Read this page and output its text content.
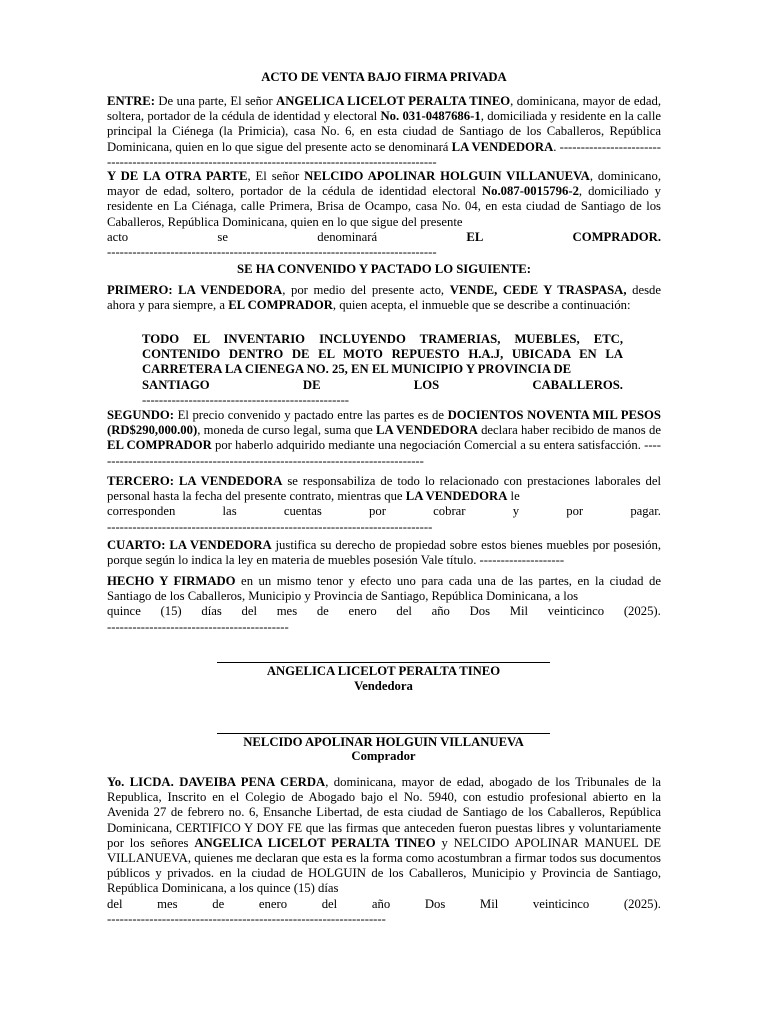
ACTO DE VENTA BAJO FIRMA PRIVADA

ENTRE: De una parte, El señor ANGELICA LICELOT PERALTA TINEO, dominicana, mayor de edad, soltera, portador de la cédula de identidad y electoral No. 031-0487686-1, domiciliada y residente en la calle principal la Ciénega (la Primicia), casa No. 6, en esta ciudad de Santiago de los Caballeros, República Dominicana, quien en lo que sigue del presente acto se denominará LA VENDEDORA. ------------------------------------------------------------------------------------------------------
Y DE LA OTRA PARTE, El señor NELCIDO APOLINAR HOLGUIN VILLANUEVA, dominicano, mayor de edad, soltero, portador de la cédula de identidad electoral No.087-0015796-2, domiciliado y residente en La Ciénaga, calle Primera, Brisa de Ocampo, casa No. 04, en esta ciudad de Santiago de los Caballeros, República Dominicana, quien en lo que sigue del presente
acto	se	denominará	EL	COMPRADOR.
------------------------------------------------------------------------------

SE HA CONVENIDO Y PACTADO LO SIGUIENTE:

PRIMERO: LA VENDEDORA, por medio del presente acto, VENDE, CEDE Y TRASPASA, desde ahora y para siempre, a EL COMPRADOR, quien acepta, el inmueble que se describe a continuación:
TODO EL INVENTARIO INCLUYENDO TRAMERIAS, MUEBLES, ETC, CONTENIDO DENTRO DE EL MOTO REPUESTO H.A.J, UBICADA EN LA CARRETERA LA CIENEGA NO. 25, EN EL MUNICIPIO Y PROVINCIA DE
SANTIAGO	DE	LOS	CABALLEROS.
-------------------------------------------------
SEGUNDO: El precio convenido y pactado entre las partes es de DOCIENTOS NOVENTA MIL PESOS (RD$290,000.00), moneda de curso legal, suma que LA VENDEDORA declara haber recibido de manos de EL COMPRADOR por haberlo adquirido mediante una negociación Comercial a su entera satisfacción. -------------------------------------------------------------------------------
TERCERO: LA VENDEDORA se responsabiliza de todo lo relacionado con prestaciones laborales del personal hasta la fecha del presente contrato, mientras que LA VENDEDORA le
corresponden	las	cuentas	por	cobrar	y	por	pagar.
-----------------------------------------------------------------------------
CUARTO: LA VENDEDORA justifica su derecho de propiedad sobre estos bienes muebles por posesión, porque según lo indica la ley en materia de muebles posesión Vale título. --------------------
HECHO Y FIRMADO en un mismo tenor y efecto uno para cada una de las partes, en la ciudad de Santiago de los Caballeros, Municipio y Provincia de Santiago, República Dominicana, a los
quince (15) días del mes de enero del año Dos Mil veinticinco (2025).
-------------------------------------------

ANGELICA LICELOT PERALTA TINEO

Vendedora

NELCIDO APOLINAR HOLGUIN VILLANUEVA

Comprador

Yo. LICDA. DAVEIBA PENA CERDA, dominicana, mayor de edad, abogado de los Tribunales de la Republica, Inscrito en el Colegio de Abogado bajo el No. 5940, con estudio profesional abierto en la Avenida 27 de febrero no. 6, Ensanche Libertad, de esta ciudad de Santiago de los Caballeros, República Dominicana, CERTIFICO Y DOY FE que las firmas que anteceden fueron puestas libres y voluntariamente por los señores ANGELICA LICELOT PERALTA TINEO y NELCIDO APOLINAR MANUEL DE VILLANUEVA, quienes me declaran que esta es la forma como acostumbran a firmar todos sus documentos públicos y privados. en la ciudad de HOLGUIN de los Caballeros, Municipio y Provincia de Santiago, República Dominicana, a los quince (15) días
del	mes	de	enero	del	año	Dos	Mil	veinticinco	(2025).
------------------------------------------------------------------
